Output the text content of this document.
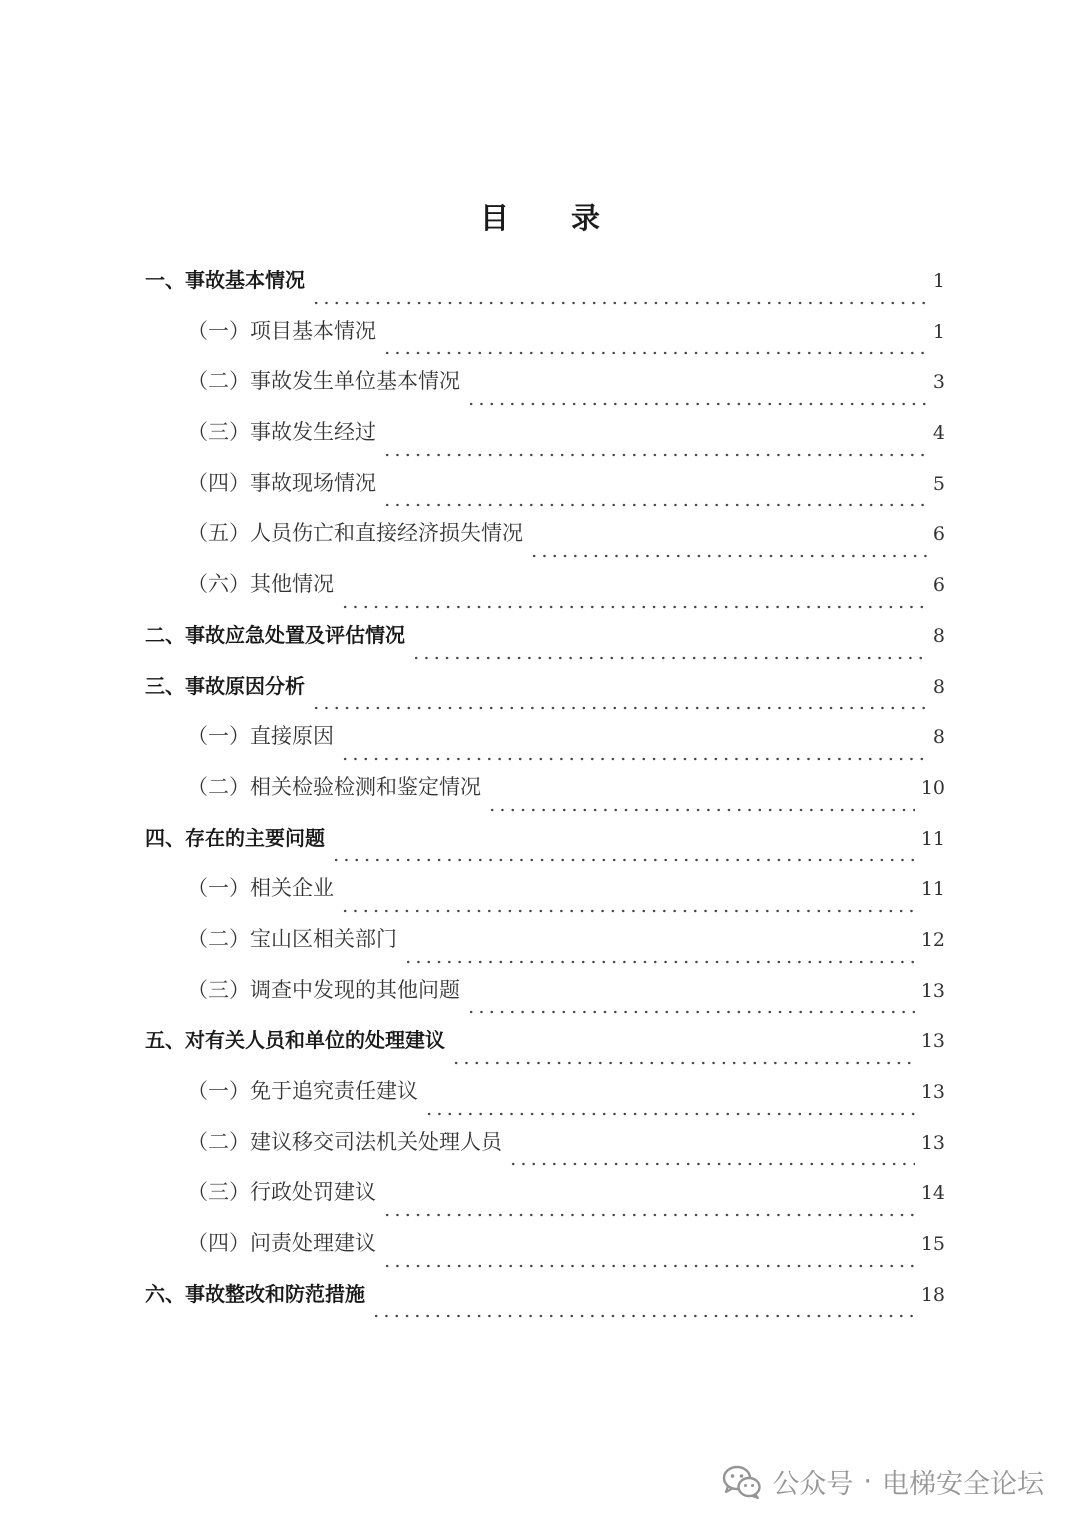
目 录
一、事故基本情况	1
（一）项目基本情况	1
（二）事故发生单位基本情况	3
（三）事故发生经过	4
（四）事故现场情况	5
（五）人员伤亡和直接经济损失情况	6
（六）其他情况	6
二、事故应急处置及评估情况	8
三、事故原因分析	8
（一）直接原因	8
（二）相关检验检测和鉴定情况	10
四、存在的主要问题	11
（一）相关企业	11
（二）宝山区相关部门	12
（三）调查中发现的其他问题	13
五、对有关人员和单位的处理建议	13
（一）免于追究责任建议	13
（二）建议移交司法机关处理人员	13
（三）行政处罚建议	14
（四）问责处理建议	15
六、事故整改和防范措施	18
公众号 · 电梯安全论坛
